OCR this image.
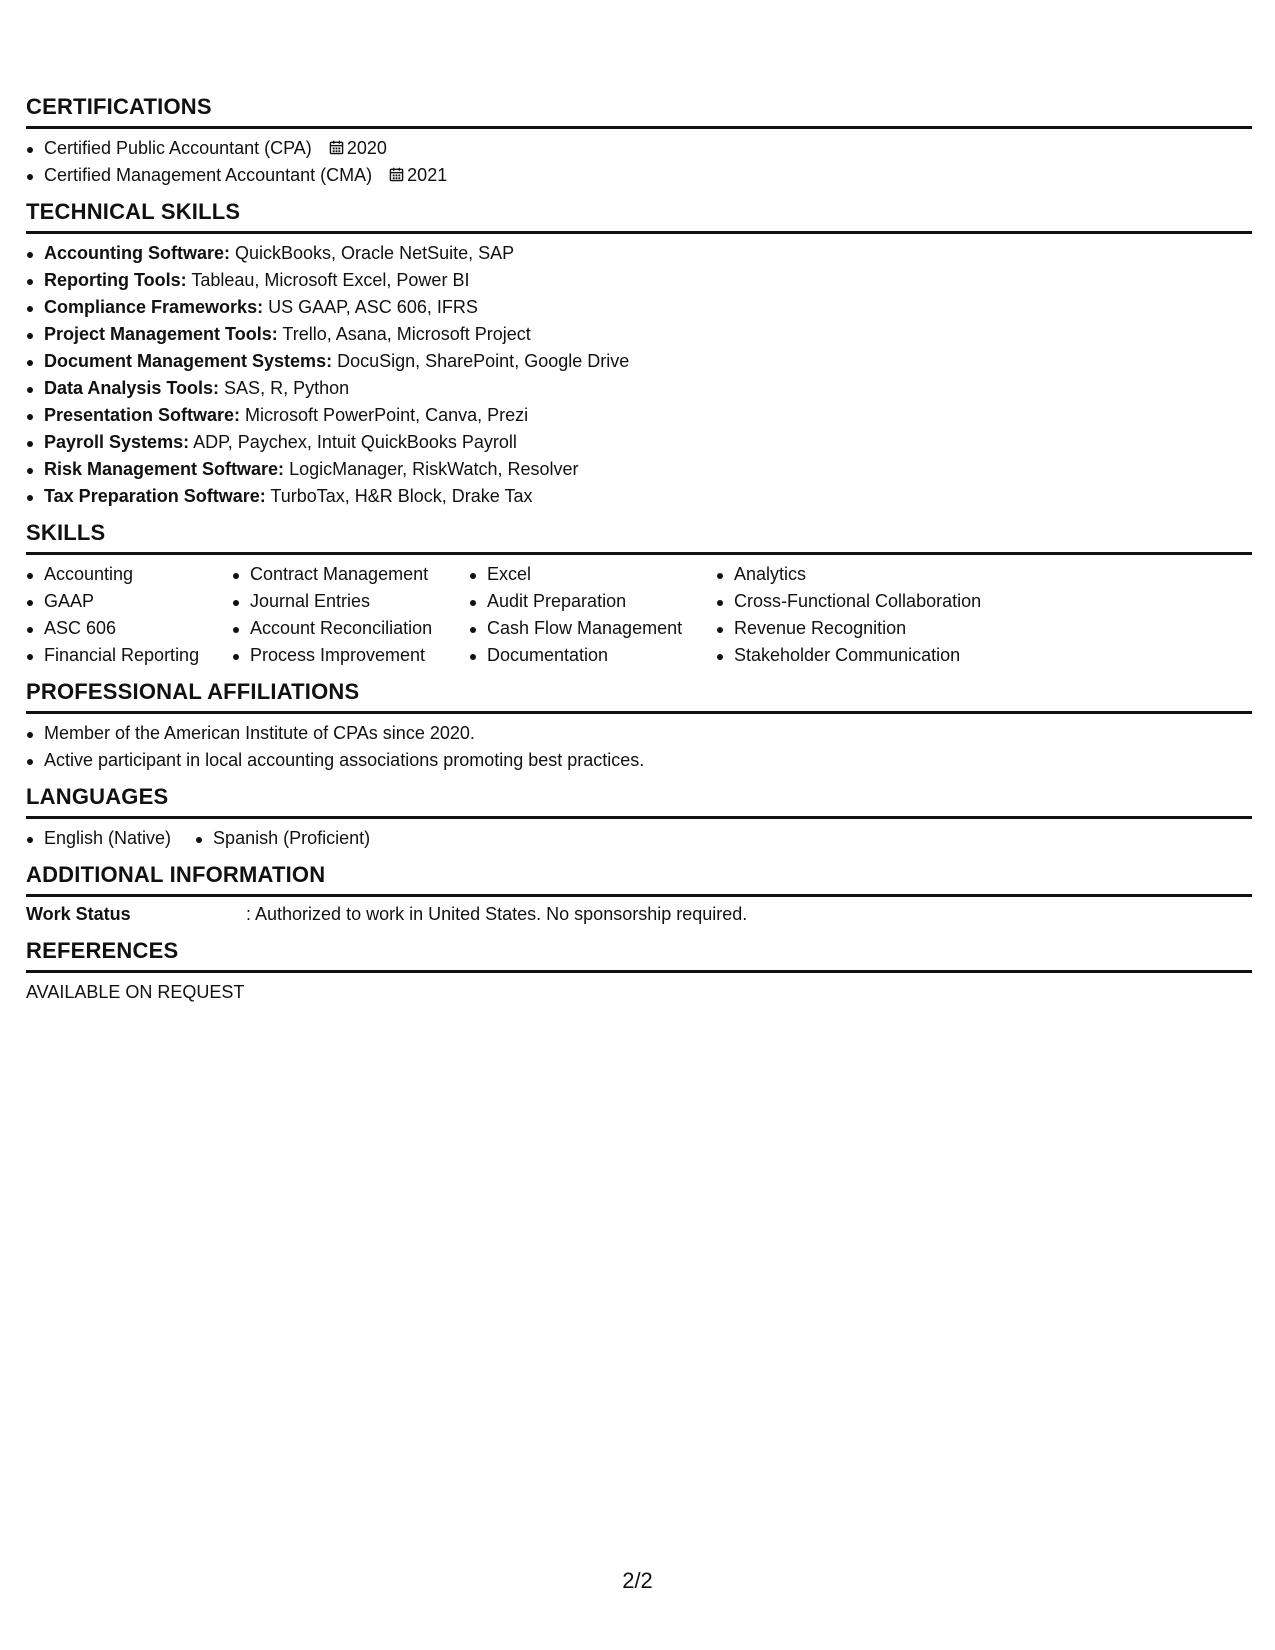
CERTIFICATIONS
Certified Public Accountant (CPA) 2020
Certified Management Accountant (CMA) 2021
TECHNICAL SKILLS
Accounting Software: QuickBooks, Oracle NetSuite, SAP
Reporting Tools: Tableau, Microsoft Excel, Power BI
Compliance Frameworks: US GAAP, ASC 606, IFRS
Project Management Tools: Trello, Asana, Microsoft Project
Document Management Systems: DocuSign, SharePoint, Google Drive
Data Analysis Tools: SAS, R, Python
Presentation Software: Microsoft PowerPoint, Canva, Prezi
Payroll Systems: ADP, Paychex, Intuit QuickBooks Payroll
Risk Management Software: LogicManager, RiskWatch, Resolver
Tax Preparation Software: TurboTax, H&R Block, Drake Tax
SKILLS
Accounting
GAAP
ASC 606
Financial Reporting
Contract Management
Journal Entries
Account Reconciliation
Process Improvement
Excel
Audit Preparation
Cash Flow Management
Documentation
Analytics
Cross-Functional Collaboration
Revenue Recognition
Stakeholder Communication
PROFESSIONAL AFFILIATIONS
Member of the American Institute of CPAs since 2020.
Active participant in local accounting associations promoting best practices.
LANGUAGES
English (Native)	Spanish (Proficient)
ADDITIONAL INFORMATION
Work Status	: Authorized to work in United States. No sponsorship required.
REFERENCES
AVAILABLE ON REQUEST
2/2
